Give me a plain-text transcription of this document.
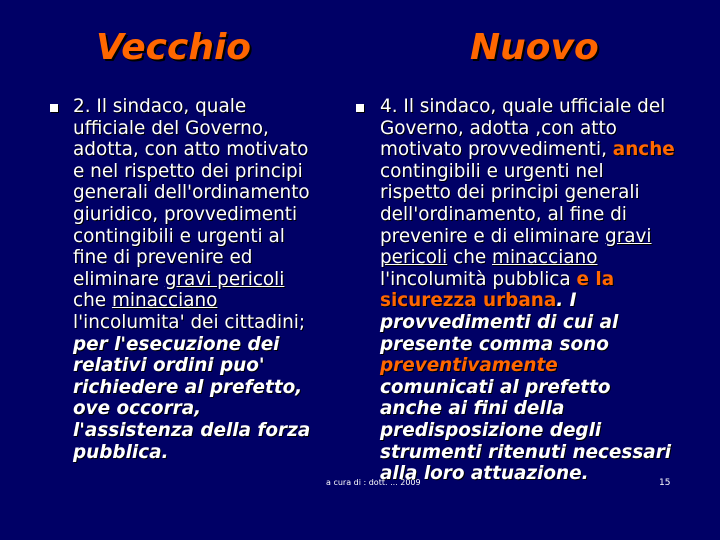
Vecchio	Nuovo
2. Il sindaco, quale
ufficiale del Governo,
adotta, con atto motivato
e nel rispetto dei principi
generali dell'ordinamento
giuridico, provvedimenti
contingibili e urgenti al
fine di prevenire ed
eliminare gravi pericoli
che minacciano
l'incolumita' dei cittadini;
per l'esecuzione dei
relativi ordini puo'
richiedere al prefetto,
ove occorra,
l'assistenza della forza
pubblica.
4. Il sindaco, quale ufficiale del
Governo, adotta ,con atto
motivato provvedimenti, anche
contingibili e urgenti nel
rispetto dei principi generali
dell'ordinamento, al fine di
prevenire e di eliminare gravi
pericoli che minacciano
l'incolumità pubblica e la
sicurezza urbana. I
provvedimenti di cui al
presente comma sono
preventivamente
comunicati al prefetto
anche ai fini della
predisposizione degli
strumenti ritenuti necessari
alla loro attuazione.
a cura di : dott. ... 2009	15
